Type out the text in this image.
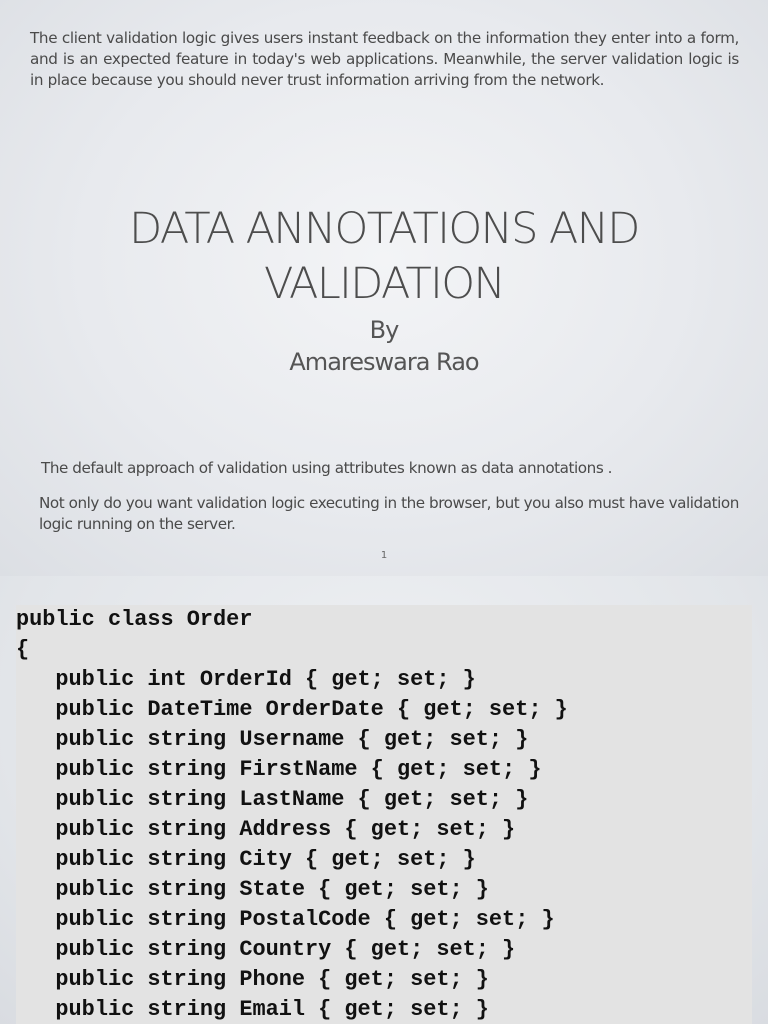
The client validation logic gives users instant feedback on the information they enter into a form, and is an expected feature in today's web applications. Meanwhile, the server validation logic is in place because you should never trust information arriving from the network.

DATA ANNOTATIONS AND VALIDATION
By
Amareswara Rao

The default approach of validation using attributes known as data annotations .

Not only do you want validation logic executing in the browser, but you also must have validation logic running on the server.

1
public class Order
{
public int OrderId { get; set; }
public DateTime OrderDate { get; set; }
public string Username { get; set; }
public string FirstName { get; set; }
public string LastName { get; set; }
public string Address { get; set; }
public string City { get; set; }
public string State { get; set; }
public string PostalCode { get; set; }
public string Country { get; set; }
public string Phone { get; set; }
public string Email { get; set; }
